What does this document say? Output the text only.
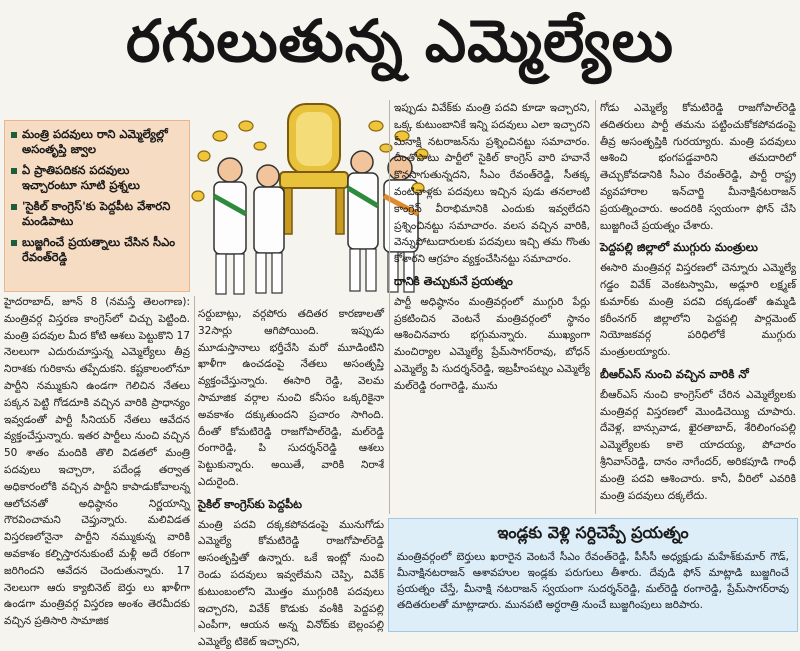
రగులుతున్న ఎమ్మెల్యేలు
మంత్రి పదవులు రాని ఎమ్మెల్యేల్లో అసంతృప్తి జ్వాల
ఏ ప్రాతిపదికన పదవులు ఇచ్చారంటూ సూటి ప్రశ్నలు
'సైకిల్ కాంగ్రెస్'కు పెద్దపీట వేశారని మండిపాటు
బుజ్జగించే ప్రయత్నాలు చేసిన సీఎం రేవంత్‌రెడ్డి

హైదరాబాద్, జూన్ 8 (నమస్తే తెలంగాణ): మంత్రివర్గ విస్తరణ కాంగ్రెస్‌లో చిచ్చు పెట్టింది. మంత్రి పదవుల మీద కోటి ఆశలు పెట్టుకొని 17 నెలలుగా ఎదురుచూస్తున్న ఎమ్మెల్యేలు తీవ్ర నిరాశకు గురికాను తప్పేదుకని. కష్టకాలంలోనూ పార్టీని నమ్ముకుని ఉండగా గెలిచిన నేతలు పక్కన పెట్టి గోడదూకి వచ్చిన వారికి ప్రాధాన్యం ఇవ్వడంతో పార్టీ సీనియర్ నేతలు ఆవేదన వ్యక్తంచేస్తున్నారు. ఇతర పార్టీలు నుంచి వచ్చిన 50 శాతం మందికి తొలి విడతలో మంత్రి పదవులు ఇచ్చారా, పదేండ్ల తర్వాత అధికారంలోకి వచ్చిన పార్టీని కాపాడుకోవాలన్న ఆలోచనతో అధిష్ఠానం నిర్ణయాన్ని గౌరవించామని చెప్తున్నారు. మలివిడత విస్తరణలోనైనా పార్టీని నమ్ముకున్న వారికి అవకాశం కల్పిస్తారనుకుంటే మళ్లీ అదే రకంగా జరిగిందని ఆవేదన చెందుతున్నారు. 17 నెలలుగా ఆరు క్యాబినెట్ బెర్తు లు ఖాళీగా ఉండగా మంత్రివర్గ విస్తరణ అంశం తెరమీదకు వచ్చిన ప్రతిసారి సామాజిక

సర్దుబాట్లు, వర్గపోరు తదితర కారణాలతో 32సార్లు ఆగిపోయింది. ఇప్పుడు మూడుస్తానాలు భర్తీచేసి మరో మూడింటిని ఖాళీగా ఉంచడంపై నేతలు అసంతృప్తి వ్యక్తంచేస్తున్నారు. ఈసారి రెడ్డి, వెలమ సామాజిక వర్గాల నుంచి కనీసం ఒక్కరికైనా అవకాశం దక్కుతుందని ప్రచారం సాగింది. దీంతో కోమటిరెడ్డి రాజగోపాల్‌రెడ్డి, మల్‌రెడ్డి రంగారెడ్డి, పి సుదర్శన్‌రెడ్డి ఆశలు పెట్టుకున్నారు. అయితే, వారికి నిరాశే ఎదురైంది.

సైకిల్ కాంగ్రెస్‌కు పెద్దపీట

మంత్రి పదవి దక్కకపోవడంపై మునుగోడు ఎమ్మెల్యే కోమటిరెడ్డి రాజగోపాల్‌రెడ్డి అసంతృప్తితో ఉన్నారు. ఒకే ఇంట్లో నుంచి రెండు పదవులు ఇవ్వలేమని చెప్పి, వివేక్ కుటుంబంలోని మొత్తం ముగ్గురికి పదవులు ఇచ్చారని, వివేక్ కొడుకు వంశీకి పెద్దపల్లి ఎంపీగా, ఆయన అన్న వినోద్‌కు బెల్లంపల్లి ఎమ్మెల్యే టికెట్ ఇచ్చారని,

ఇప్పుడు వివేక్‌కు మంత్రి పదవి కూడా ఇచ్చారని, ఒక్క కుటుంబానికే ఇన్ని పదవులు ఎలా ఇచ్చారని మీనాక్షి నటరాజన్‌ను ప్రశ్నించినట్టు సమాచారం. దీంతోపాటు పార్టీలో సైకిల్ కాంగ్రెస్ వారి హవానే కొనసాగుతున్నదని, సీఎం రేవంత్‌రెడ్డి, సీతక్క వంటివాళ్లకు పదవులు ఇచ్చిన పుడు తనలాంటి కాంగ్రెస్ వీరాభిమానికి ఎందుకు ఇవ్వలేదని ప్రశ్నించినట్టు సమాచారం. వలస వచ్చిన వారికి, వెన్నుపోటుదారులకు పదవులు ఇచ్చి తమ గొంతు కోశారని ఆగ్రహం వ్యక్తంచేసినట్టు సమాచారం.

దానికి తెచ్చుకునే ప్రయత్నం

పార్టీ అధిష్ఠానం మంత్రివర్గంలో ముగ్గురి పేర్లు ప్రకటించిన వెంటనే మంత్రివర్గంలో స్థానం ఆశించినవారు భగ్గుమన్నారు. ముఖ్యంగా మంచిర్యాల ఎమ్మెల్యే ప్రేమ్‌సాగర్‌రావు, బోధన్ ఎమ్మెల్యే పి సుదర్శన్‌రెడ్డి, ఇబ్రహీంపట్నం ఎమ్మెల్యే మల్‌రెడ్డి రంగారెడ్డి, మును

గోడు ఎమ్మెల్యే కోమటిరెడ్డి రాజగోపాల్‌రెడ్డి తదితరులు పార్టీ తమను పట్టించుకోకపోవడంపై తీవ్ర అసంతృప్తికి గురయ్యారు. మంత్రి పదవులు ఆశించి భంగపడ్డవారిని తమదారిలో తెచ్చుకోవడానికి సీఎం రేవంత్‌రెడ్డి, పార్టీ రాష్ట్ర వ్యవహారాల ఇన్‌చార్జి మీనాక్షినటరాజన్ ప్రయత్నించారు. అందరికి స్వయంగా ఫోన్ చేసి బుజ్జగించే ప్రయత్నం చేశారు.

పెద్దపల్లి జిల్లాలో ముగ్గురు మంత్రులు

ఈసారి మంత్రివర్గ విస్తరణలో చెన్నూరు ఎమ్మెల్యే గడ్డం వివేక్ వెంకటస్వామి, అడ్లూరి లక్ష్మణ్ కుమార్‌కు మంత్రి పదవి దక్కడంతో ఉమ్మడి కరీంనగర్ జిల్లాలోని పెద్దపల్లి పార్లమెంట్ నియోజకవర్గ పరిధిలోకే ముగ్గురు మంత్రులయ్యారు.

బీఆర్‌ఎస్ నుంచి వచ్చిన వారికి నో

బీఆర్‌ఎస్ నుంచి కాంగ్రెస్‌లో చేరిన ఎమ్మెల్యేలకు మంత్రివర్గ విస్తరణలో మొండిచెయ్యి చూపారు. దేవెళ్ల, బాన్సువాడ, ఖైరతాబాద్, శేరిలింగంపల్లి ఎమ్మెల్యేలకు కాలె యాదయ్య, పోచారం శ్రీనివాస్‌రెడ్డి, దానం నాగేందర్, అరికపూడి గాంధీ మంత్రి పదవి ఆశించారు. కానీ, వీరిలో ఎవరికి మంత్రి పదవులు దక్కలేదు.

ఇండ్లకు వెళ్లి సర్దిచెప్పే ప్రయత్నం
మంత్రివర్గంలో బెర్తులు ఖరారైన వెంటనే సీఎం రేవంత్‌రెడ్డి, పీసీసీ అధ్యక్షుడు మహేశ్‌కుమార్ గౌడ్, మీనాక్షినటరాజన్ ఆశావహుల ఇండ్లకు పరుగులు తీశారు. దేవుడి ఫోన్ మాట్లాడి బుజ్జగించే ప్రయత్నం చేస్తే, మీనాక్షి నటరాజన్ స్వయంగా సుదర్శన్‌రెడ్డి, మల్‌రెడ్డి రంగారెడ్డి, ప్రేమ్‌సాగర్‌రావు తదితరులతో మాట్లాడారు. మునపటి అర్ధరాత్రి నుంచే బుజ్జగింపులు జరిపారు.
